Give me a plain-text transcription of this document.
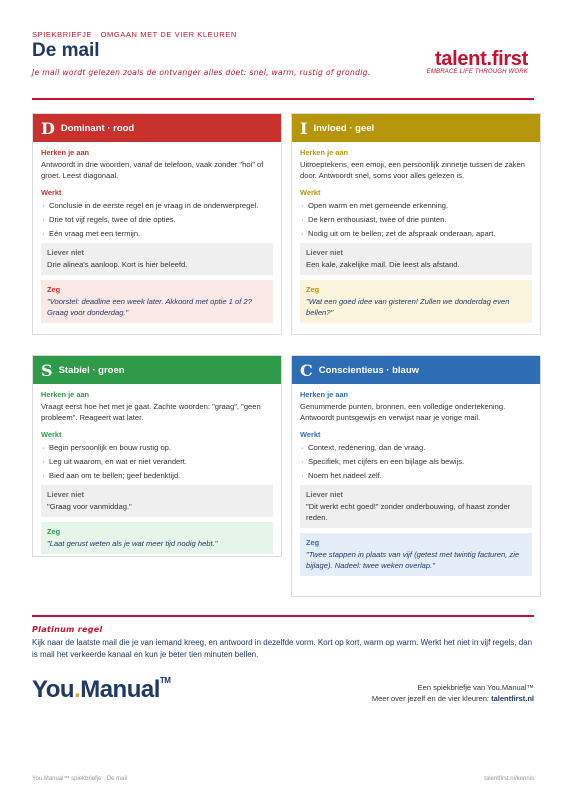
SPIEKBRIEFJE · OMGAAN MET DE VIER KLEUREN
De mail
Je mail wordt gelezen zoals de ontvanger alles doet: snel, warm, rustig of grondig.
talent.first
EMBRACE LIFE THROUGH WORK
D Dominant · rood
Herken je aan
Antwoordt in drie woorden, vanaf de telefoon, vaak zonder "hoi" of groet. Leest diagonaal.
Werkt
· Conclusie in de eerste regel en je vraag in de onderwerpregel.
· Drie tot vijf regels, twee of drie opties.
· Eén vraag met een termijn.
Liever niet
Drie alinea's aanloop. Kort is hier beleefd.
Zeg
"Voorstel: deadline een week later. Akkoord met optie 1 of 2? Graag voor donderdag."
I Invloed · geel
Herken je aan
Uitroeptekens, een emoji, een persoonlijk zinnetje tussen de zaken door. Antwoordt snel, soms voor alles gelezen is.
Werkt
· Open warm en met gemeende erkenning.
· De kern enthousiast, twee of drie punten.
· Nodig uit om te bellen; zet de afspraak onderaan, apart.
Liever niet
Een kale, zakelijke mail. Die leest als afstand.
Zeg
"Wat een goed idee van gisteren! Zullen we donderdag even bellen?"
S Stabiel · groen
Herken je aan
Vraagt eerst hoe het met je gaat. Zachte woorden: "graag", "geen probleem". Reageert wat later.
Werkt
· Begin persoonlijk en bouw rustig op.
· Leg uit waarom, en wat er niet verandert.
· Bied aan om te bellen; geef bedenktijd.
Liever niet
"Graag voor vanmiddag."
Zeg
"Laat gerust weten als je wat meer tijd nodig hebt."
C Conscientieus · blauw
Herken je aan
Genummerde punten, bronnen, een volledige ondertekening. Antwoordt puntsgewijs en verwijst naar je vorige mail.
Werkt
· Context, redenering, dan de vraag.
· Specifiek, met cijfers en een bijlage als bewijs.
· Noem het nadeel zelf.
Liever niet
"Dit werkt echt goed!" zonder onderbouwing, of haast zonder reden.
Zeg
"Twee stappen in plaats van vijf (getest met twintig facturen, zie bijlage). Nadeel: twee weken overlap."
Platinum regel
Kijk naar de laatste mail die je van iemand kreeg, en antwoord in dezelfde vorm. Kort op kort, warm op warm. Werkt het niet in vijf regels, dan is mail het verkeerde kanaal en kun je beter tien minuten bellen.
You.Manual™
Een spiekbriefje van You.Manual™
Meer over jezelf en de vier kleuren: talentfirst.nl
You.Manual™ spiekbriefje · De mail	talentfirst.nl/kennis
